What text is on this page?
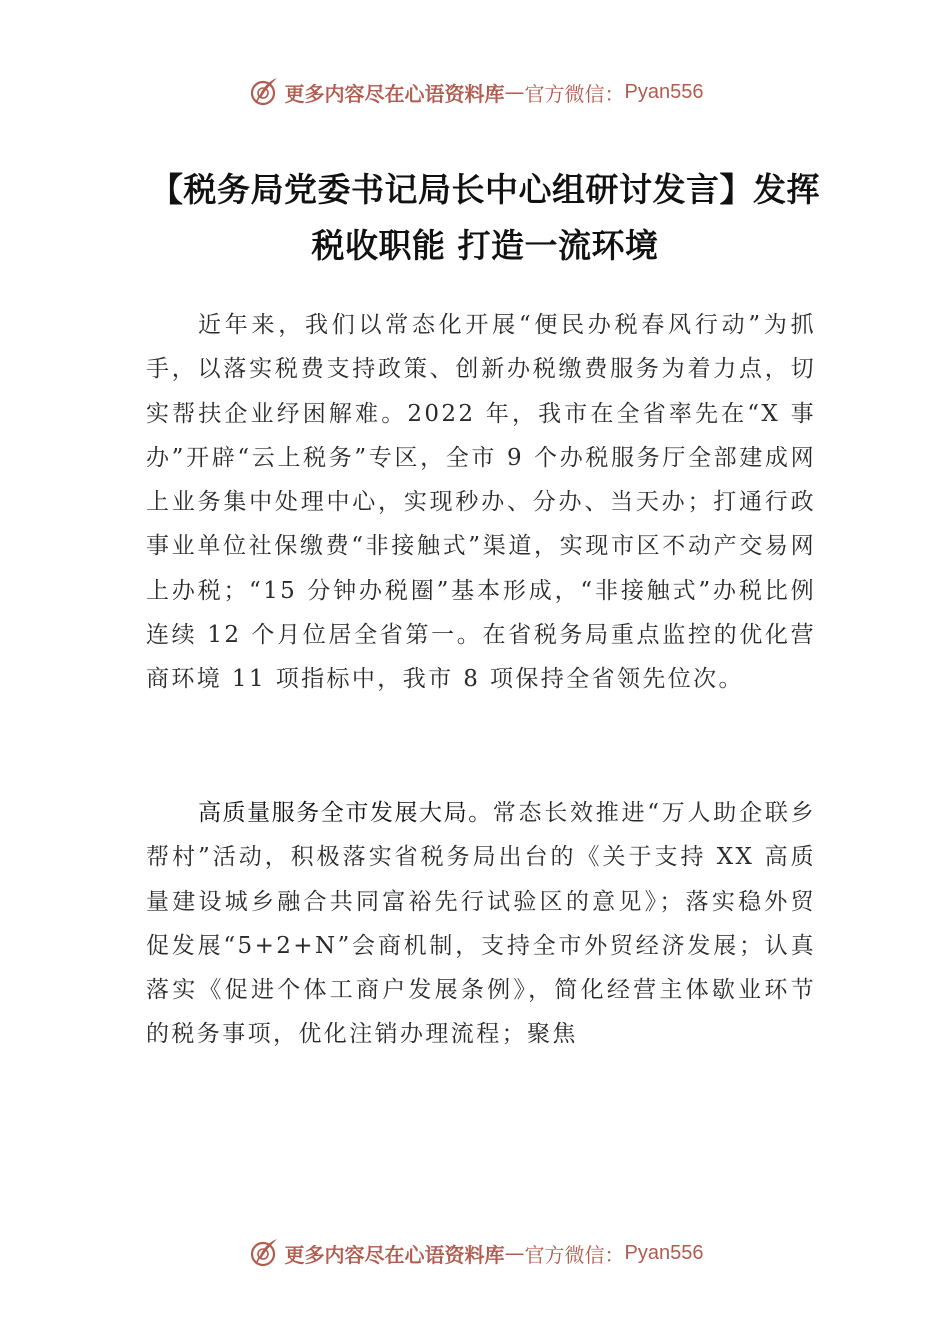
更多内容尽在心语资料库 — 官方微信： Pyan556
【税务局党委书记局长中心组研讨发言】发挥税收职能 打造一流环境

近年来，我们以常态化开展“便民办税春风行动”为抓手，以落实税费支持政策、创新办税缴费服务为着力点，切实帮扶企业纾困解难。2022 年，我市在全省率先在“X 事办”开辟“云上税务”专区，全市 9 个办税服务厅全部建成网上业务集中处理中心，实现秒办、分办、当天办；打通行政事业单位社保缴费“非接触式”渠道，实现市区不动产交易网上办税；“15 分钟办税圈”基本形成，“非接触式”办税比例连续 12 个月位居全省第一。在省税务局重点监控的优化营商环境 11 项指标中，我市 8 项保持全省领先位次。

高质量服务全市发展大局。常态长效推进“万人助企联乡帮村”活动，积极落实省税务局出台的《关于支持 XX 高质量建设城乡融合共同富裕先行试验区的意见》；落实稳外贸促发展“5+2+N”会商机制，支持全市外贸经济发展；认真落实《促进个体工商户发展条例》，简化经营主体歇业环节的税务事项，优化注销办理流程；聚焦

更多内容尽在心语资料库 — 官方微信： Pyan556
